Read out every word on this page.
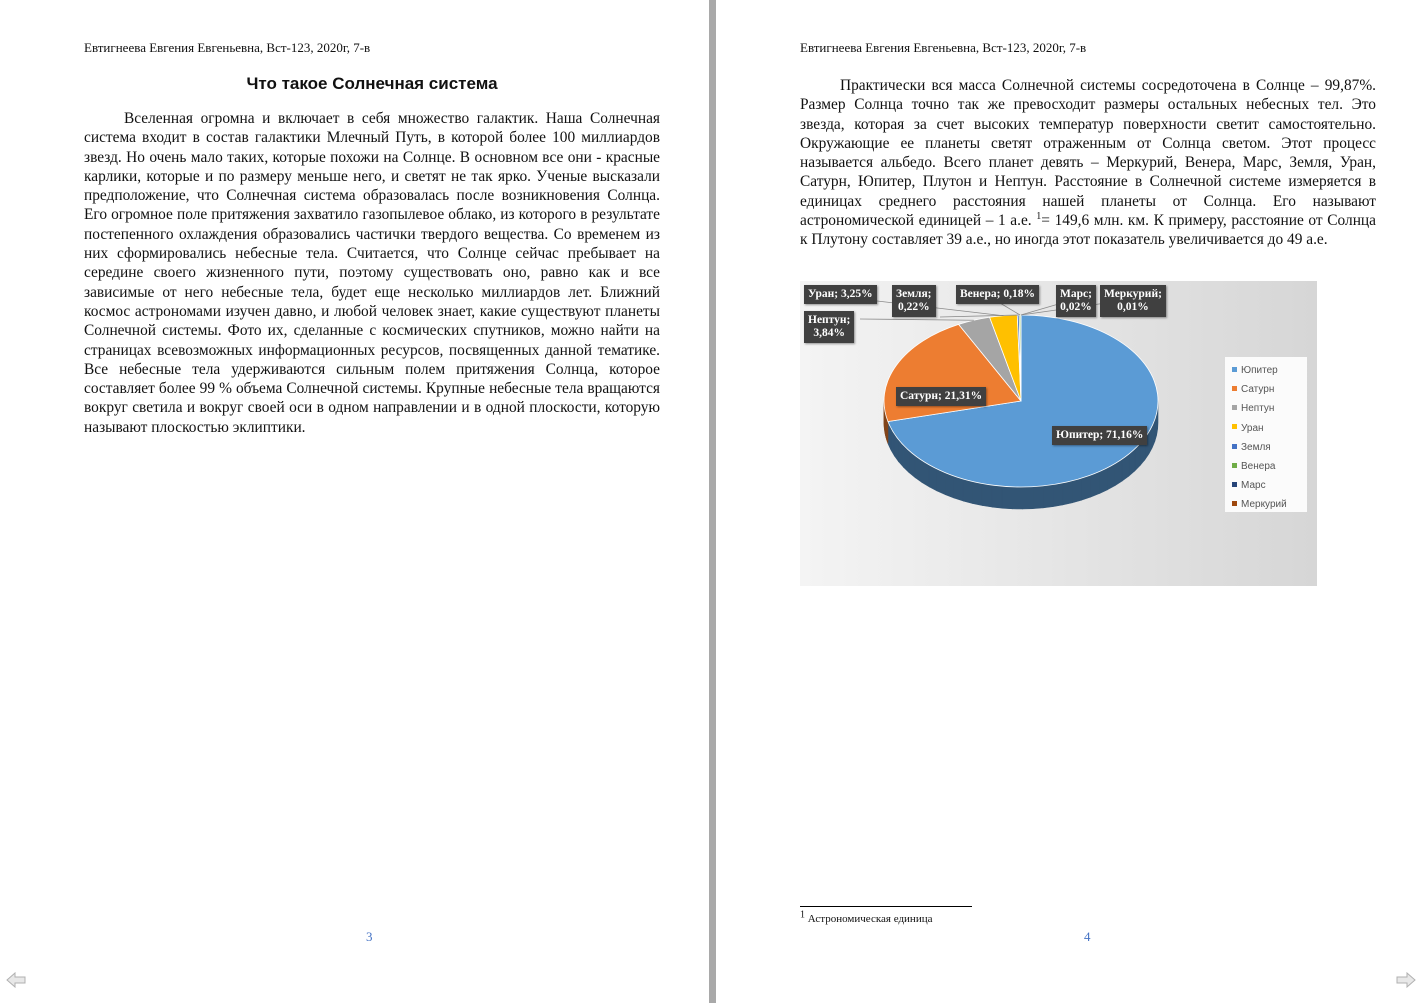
Евтигнеева Евгения Евгеньевна, Вст-123, 2020г, 7-в
Что такое Солнечная система

Вселенная огромна и включает в себя множество галактик. Наша Солнечная система входит в состав галактики Млечный Путь, в которой более 100 миллиардов звезд. Но очень мало таких, которые похожи на Солнце. В основном все они - красные карлики, которые и по размеру меньше него, и светят не так ярко. Ученые высказали предположение, что Солнечная система образовалась после возникновения Солнца. Его огромное поле притяжения захватило газопылевое облако, из которого в результате постепенного охлаждения образовались частички твердого вещества. Со временем из них сформировались небесные тела. Считается, что Солнце сейчас пребывает на середине своего жизненного пути, поэтому существовать оно, равно как и все зависимые от него небесные тела, будет еще несколько миллиардов лет. Ближний космос астрономами изучен давно, и любой человек знает, какие существуют планеты Солнечной системы. Фото их, сделанные с космических спутников, можно найти на страницах всевозможных информационных ресурсов, посвященных данной тематике. Все небесные тела удерживаются сильным полем притяжения Солнца, которое составляет более 99 % объема Солнечной системы. Крупные небесные тела вращаются вокруг светила и вокруг своей оси в одном направлении и в одной плоскости, которую называют плоскостью эклиптики.

3
Евтигнеева Евгения Евгеньевна, Вст-123, 2020г, 7-в

Практически вся масса Солнечной системы сосредоточена в Солнце – 99,87%. Размер Солнца точно так же превосходит размеры остальных небесных тел. Это звезда, которая за счет высоких температур поверхности светит самостоятельно. Окружающие ее планеты светят отраженным от Солнца светом. Этот процесс называется альбедо. Всего планет девять – Меркурий, Венера, Марс, Земля, Уран, Сатурн, Юпитер, Плутон и Нептун. Расстояние в Солнечной системе измеряется в единицах среднего расстояния нашей планеты от Солнца. Его называют астрономической единицей – 1 а.е. $^1$= 149,6 млн. км. К примеру, расстояние от Солнца к Плутону составляет 39 а.е., но иногда этот показатель увеличивается до 49 а.е.

Юпитер; 71,16%
Сатурн; 21,31%
Нептун;
3,84%
Уран; 3,25%	Земля;
0,22%
Венера; 0,18%	Марс;
0,02%
Меркурий;
0,01%
Юпитер
Сатурн
Нептун
Уран
Земля
Венера
Марс
Меркурий
$^1$ Астрономическая единица
4
